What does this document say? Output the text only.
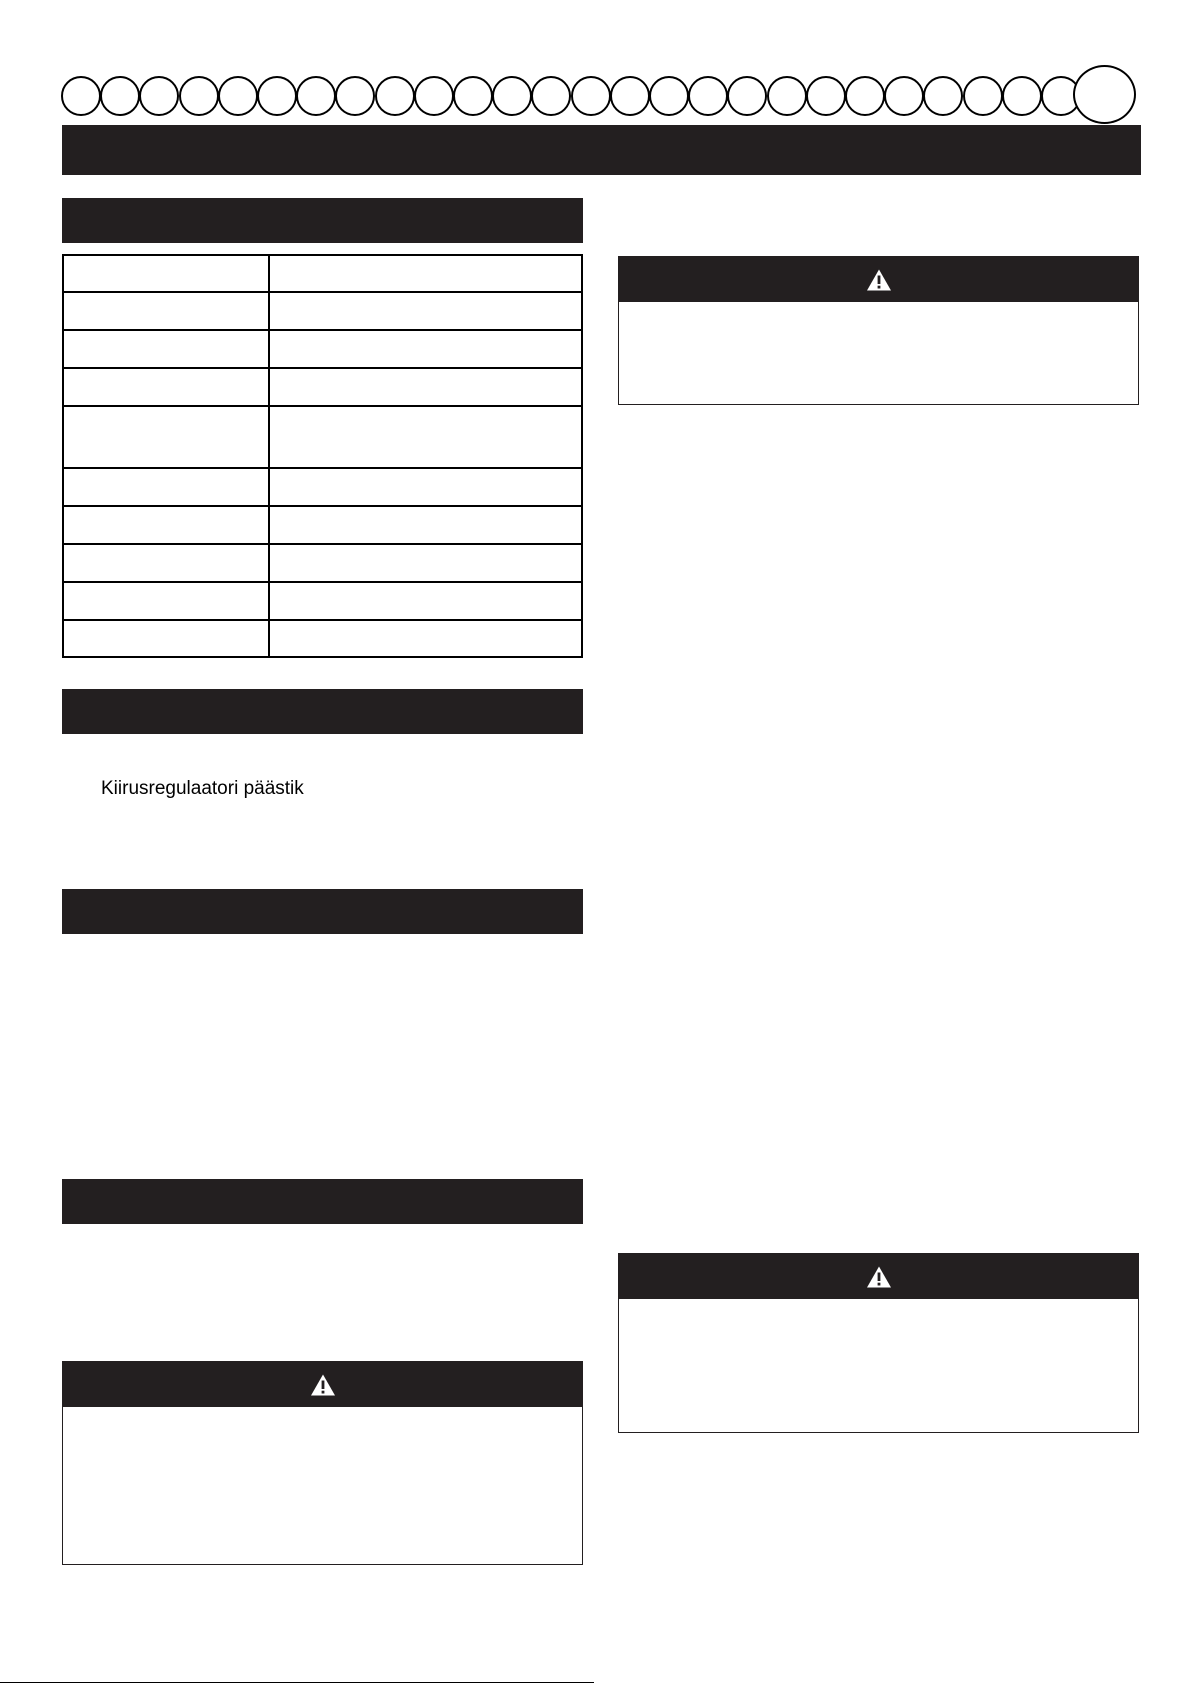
Kiirusregulaatori päästik
